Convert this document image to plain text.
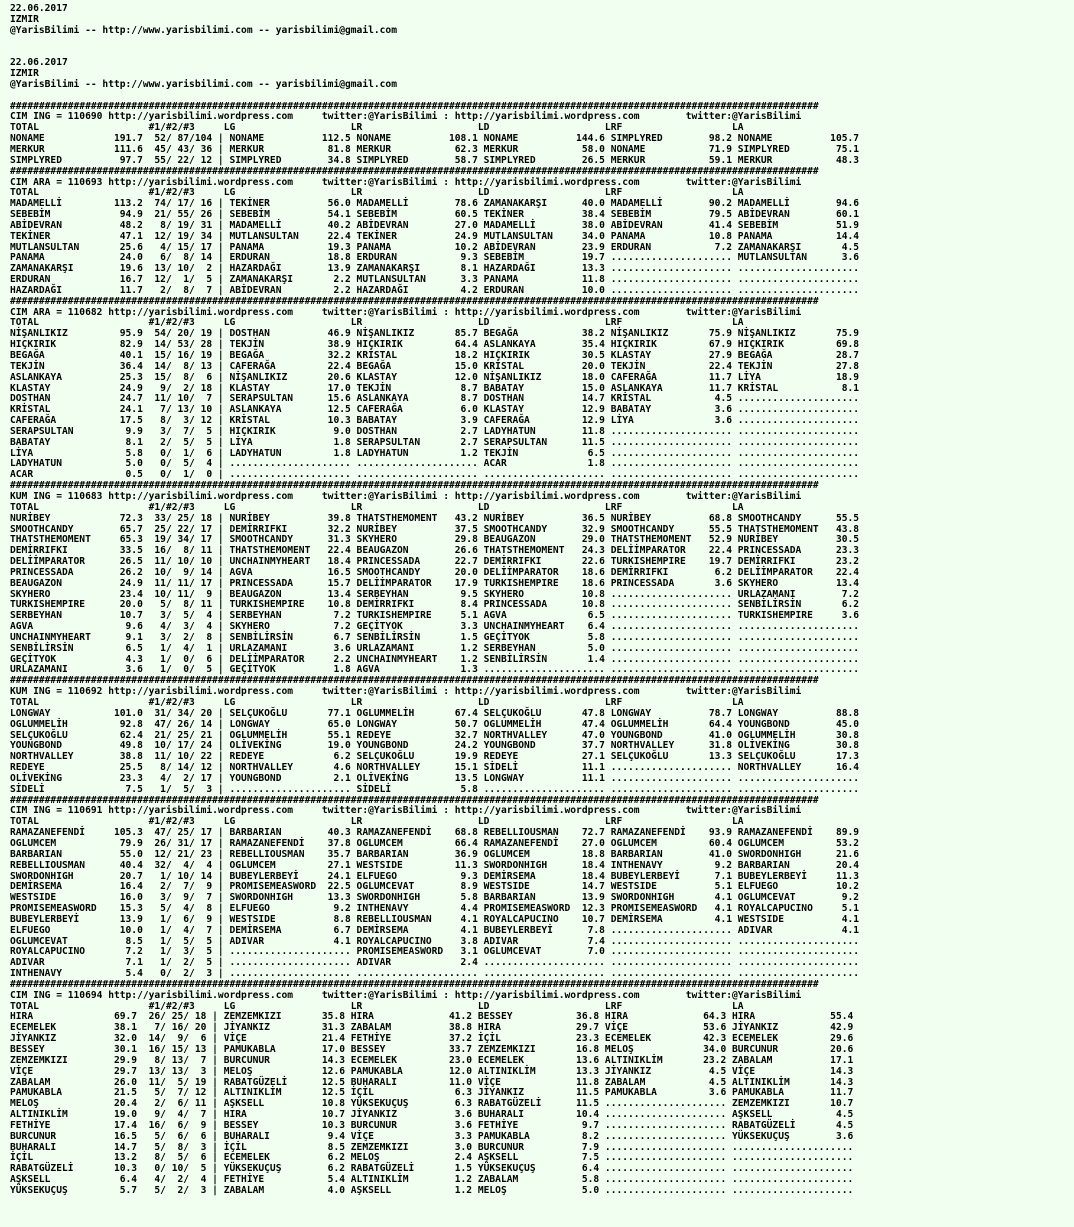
22.06.2017
IZMIR
@YarisBilimi -- http://www.yarisbilimi.com -- yarisbilimi@gmail.com
22.06.2017
IZMIR
@YarisBilimi -- http://www.yarisbilimi.com -- yarisbilimi@gmail.com
############################################################################################################################################
CIM ING = 110690 http://yarisbilimi.wordpress.com     twitter:@YarisBilimi : http://yarisbilimi.wordpress.com        twitter:@YarisBilimi
TOTAL                   #1/#2/#3     LG                    LR                    LD                    LRF                   LA
NONAME            191.7  52/ 87/104 | NONAME          112.5 NONAME          108.1 NONAME          144.6 SIMPLYRED        98.2 NONAME          105.7
MERKUR            111.6  45/ 43/ 36 | MERKUR           81.8 MERKUR           62.3 MERKUR           58.0 NONAME           71.9 SIMPLYRED        75.1
SIMPLYRED          97.7  55/ 22/ 12 | SIMPLYRED        34.8 SIMPLYRED        58.7 SIMPLYRED        26.5 MERKUR           59.1 MERKUR           48.3
############################################################################################################################################
CIM ARA = 110693 http://yarisbilimi.wordpress.com     twitter:@YarisBilimi : http://yarisbilimi.wordpress.com        twitter:@YarisBilimi
TOTAL                   #1/#2/#3     LG                    LR                    LD                    LRF                   LA
MADAMELLİ         113.2  74/ 17/ 16 | TEKİNER          56.0 MADAMELLİ        78.6 ZAMANAKARŞI      40.0 MADAMELLİ        90.2 MADAMELLİ        94.6
SEBEBİM            94.9  21/ 55/ 26 | SEBEBİM          54.1 SEBEBİM          60.5 TEKİNER          38.4 SEBEBİM          79.5 ABİDEVRAN        60.1
ABİDEVRAN          48.2   8/ 19/ 31 | MADAMELLİ        40.2 ABİDEVRAN        27.0 MADAMELLİ        38.0 ABİDEVRAN        41.4 SEBEBİM          51.9
TEKİNER            47.1  12/ 19/ 34 | MUTLANSULTAN     22.4 TEKİNER          24.9 MUTLANSULTAN     34.0 PANAMA           10.8 PANAMA           14.4
MUTLANSULTAN       25.6   4/ 15/ 17 | PANAMA           19.3 PANAMA           10.2 ABİDEVRAN        23.9 ERDURAN           7.2 ZAMANAKARŞI       4.5
PANAMA             24.0   6/  8/ 14 | ERDURAN          18.8 ERDURAN           9.3 SEBEBİM          19.7 ..................... MUTLANSULTAN      3.6
ZAMANAKARŞI        19.6  13/ 10/  2 | HAZARDAĞI        13.9 ZAMANAKARŞI       8.1 HAZARDAĞI        13.3 ..................... .....................
ERDURAN            16.7  12/  1/  5 | ZAMANAKARŞI       2.2 MUTLANSULTAN      3.3 PANAMA           11.8 ..................... .....................
HAZARDAĞI          11.7   2/  8/  7 | ABİDEVRAN         2.2 HAZARDAĞI         4.2 ERDURAN          10.0 ..................... .....................
############################################################################################################################################
CIM ARA = 110682 http://yarisbilimi.wordpress.com     twitter:@YarisBilimi : http://yarisbilimi.wordpress.com        twitter:@YarisBilimi
TOTAL                   #1/#2/#3     LG                    LR                    LD                    LRF                   LA
NİŞANLIKIZ         95.9  54/ 20/ 19 | DOSTHAN          46.9 NİŞANLIKIZ       85.7 BEGAĞA           38.2 NİŞANLIKIZ       75.9 NİŞANLIKIZ       75.9
HIÇKIRIK           82.9  14/ 53/ 28 | TEKJİN           38.9 HIÇKIRIK         64.4 ASLANKAYA        35.4 HIÇKIRIK         67.9 HIÇKIRIK         69.8
BEGAĞA             40.1  15/ 16/ 19 | BEGAĞA           32.2 KRİSTAL          18.2 HIÇKIRIK         30.5 KLASTAY          27.9 BEGAĞA           28.7
TEKJİN             36.4  14/  8/ 13 | CAFERAĞA         22.4 BEGAĞA           15.0 KRİSTAL          20.0 TEKJİN           22.4 TEKJİN           27.8
ASLANKAYA          25.3  15/  8/  6 | NİŞANLIKIZ       20.6 KLASTAY          12.0 NİŞANLIKIZ       18.0 CAFERAĞA         11.7 LİYA             18.9
KLASTAY            24.9   9/  2/ 18 | KLASTAY          17.0 TEKJİN            8.7 BABATAY          15.0 ASLANKAYA        11.7 KRİSTAL           8.1
DOSTHAN            24.7  11/ 10/  7 | SERAPSULTAN      15.6 ASLANKAYA         8.7 DOSTHAN          14.7 KRİSTAL           4.5 .....................
KRİSTAL            24.1   7/ 13/ 10 | ASLANKAYA        12.5 CAFERAĞA          6.0 KLASTAY          12.9 BABATAY           3.6 .....................
CAFERAĞA           17.5   8/  3/ 12 | KRİSTAL          10.3 BABATAY           3.9 CAFERAĞA         12.9 LİYA              3.6 .....................
SERAPSULTAN         9.9   3/  7/  5 | HIÇKIRIK          9.0 DOSTHAN           2.7 LADYHATUN        11.8 ..................... .....................
BABATAY             8.1   2/  5/  5 | LİYA              1.8 SERAPSULTAN       2.7 SERAPSULTAN      11.5 ..................... .....................
LİYA                5.8   0/  1/  6 | LADYHATUN         1.8 LADYHATUN         1.2 TEKJİN            6.5 ..................... .....................
LADYHATUN           5.0   0/  5/  4 | ..................... ..................... ACAR              1.8 ..................... .....................
ACAR                0.5   0/  1/  0 | ..................... ..................... ..................... ..................... .....................
############################################################################################################################################
KUM ING = 110683 http://yarisbilimi.wordpress.com     twitter:@YarisBilimi : http://yarisbilimi.wordpress.com        twitter:@YarisBilimi
TOTAL                   #1/#2/#3     LG                    LR                    LD                    LRF                   LA
NURİBEY            72.3  33/ 25/ 18 | NURİBEY          39.8 THATSTHEMOMENT   43.2 NURİBEY          36.5 NURİBEY          68.8 SMOOTHCANDY      55.5
SMOOTHCANDY        65.7  25/ 22/ 17 | DEMİRRIFKI       32.2 NURİBEY          37.5 SMOOTHCANDY      32.9 SMOOTHCANDY      55.5 THATSTHEMOMENT   43.8
THATSTHEMOMENT     65.3  19/ 34/ 17 | SMOOTHCANDY      31.3 SKYHERO          29.8 BEAUGAZON        29.0 THATSTHEMOMENT   52.9 NURİBEY          30.5
DEMİRRIFKI         33.5  16/  8/ 11 | THATSTHEMOMENT   22.4 BEAUGAZON        26.6 THATSTHEMOMENT   24.3 DELİİMPARATOR    22.4 PRINCESSADA      23.3
DELİİMPARATOR      26.5  11/ 10/ 10 | UNCHAINMYHEART   18.4 PRINCESSADA      22.7 DEMİRRIFKI       22.6 TURKISHEMPIRE    19.7 DEMİRRIFKI       23.2
PRINCESSADA        26.2  10/  9/ 14 | AGVA             16.5 SMOOTHCANDY      20.0 DELİİMPARATOR    18.6 DEMİRRIFKI        6.2 DELİİMPARATOR    22.4
BEAUGAZON          24.9  11/ 11/ 17 | PRINCESSADA      15.7 DELİİMPARATOR    17.9 TURKISHEMPIRE    18.6 PRINCESSADA       3.6 SKYHERO          13.4
SKYHERO            23.4  10/ 11/  9 | BEAUGAZON        13.4 SERBEYHAN         9.5 SKYHERO          10.8 ..................... URLAZAMANI        7.2
TURKISHEMPIRE      20.0   5/  8/ 11 | TURKISHEMPIRE    10.8 DEMİRRIFKI        8.4 PRINCESSADA      10.8 ..................... SENBİLİRSİN       6.2
SERBEYHAN          10.7   3/  5/  4 | SERBEYHAN         7.2 TURKISHEMPIRE     5.1 AGVA              6.5 ..................... TURKISHEMPIRE     3.6
AGVA                9.6   4/  3/  4 | SKYHERO           7.2 GEÇİTYOK          3.3 UNCHAINMYHEART    6.4 ..................... .....................
UNCHAINMYHEART      9.1   3/  2/  8 | SENBİLİRSİN       6.7 SENBİLİRSİN       1.5 GEÇİTYOK          5.8 ..................... .....................
SENBİLİRSİN         6.5   1/  4/  1 | URLAZAMANI        3.6 URLAZAMANI        1.2 SERBEYHAN         5.0 ..................... .....................
GEÇİTYOK            4.3   1/  0/  6 | DELİİMPARATOR     2.2 UNCHAINMYHEART    1.2 SENBİLİRSİN       1.4 ..................... .....................
URLAZAMANI          3.6   1/  0/  5 | GEÇİTYOK          1.8 AGVA              1.3 ..................... ..................... .....................
############################################################################################################################################
KUM ING = 110692 http://yarisbilimi.wordpress.com     twitter:@YarisBilimi : http://yarisbilimi.wordpress.com        twitter:@YarisBilimi
TOTAL                   #1/#2/#3     LG                    LR                    LD                    LRF                   LA
LONGWAY           101.0  31/ 34/ 20 | SELÇUKOĞLU       77.1 OGLUMMELİH       67.4 SELÇUKOĞLU       47.8 LONGWAY          78.7 LONGWAY          88.8
OGLUMMELİH         92.8  47/ 26/ 14 | LONGWAY          65.0 LONGWAY          50.7 OGLUMMELİH       47.4 OGLUMMELİH       64.4 YOUNGBOND        45.0
SELÇUKOĞLU         62.4  21/ 25/ 21 | OGLUMMELİH       55.1 REDEYE           32.7 NORTHVALLEY      47.0 YOUNGBOND        41.0 OGLUMMELİH       30.8
YOUNGBOND          49.8  10/ 17/ 24 | OLİVEKİNG        19.0 YOUNGBOND        24.2 YOUNGBOND        37.7 NORTHVALLEY      31.8 OLİVEKİNG        30.8
NORTHVALLEY        38.8  11/ 10/ 22 | REDEYE            6.2 SELÇUKOĞLU       19.9 REDEYE           27.1 SELÇUKOĞLU       13.3 SELÇUKOĞLU       17.3
REDEYE             25.5   8/ 14/ 12 | NORTHVALLEY       4.6 NORTHVALLEY      15.1 SİDELİ           11.1 ..................... NORTHVALLEY      16.4
OLİVEKİNG          23.3   4/  2/ 17 | YOUNGBOND         2.1 OLİVEKİNG        13.5 LONGWAY          11.1 ..................... .....................
SİDELİ              7.5   1/  5/  3 | ..................... SİDELİ            5.8 ..................... ..................... .....................
############################################################################################################################################
CIM ING = 110691 http://yarisbilimi.wordpress.com     twitter:@YarisBilimi : http://yarisbilimi.wordpress.com        twitter:@YarisBilimi
TOTAL                   #1/#2/#3     LG                    LR                    LD                    LRF                   LA
RAMAZANEFENDİ     105.3  47/ 25/ 17 | BARBARIAN        40.3 RAMAZANEFENDİ    68.8 REBELLIOUSMAN    72.7 RAMAZANEFENDİ    93.9 RAMAZANEFENDİ    89.9
OGLUMCEM           79.9  26/ 31/ 17 | RAMAZANEFENDİ    37.8 OGLUMCEM         66.4 RAMAZANEFENDİ    27.0 OGLUMCEM         60.4 OGLUMCEM         53.2
BARBARIAN          55.0  12/ 21/ 23 | REBELLIOUSMAN    35.7 BARBARIAN        36.9 OGLUMCEM         18.8 BARBARIAN        41.0 SWORDONHIGH      21.6
REBELLIOUSMAN      40.4  32/  4/  4 | OGLUMCEM         27.1 WESTSIDE         11.3 SWORDONHIGH      18.4 INTHENAVY         9.2 BARBARIAN        20.4
SWORDONHIGH        20.7   1/ 10/ 14 | BUBEYLERBEYİ     24.1 ELFUEGO           9.3 DEMİRSEMA        18.4 BUBEYLERBEYİ      7.1 BUBEYLERBEYİ     11.3
DEMİRSEMA          16.4   2/  7/  9 | PROMISEMEASWORD  22.5 OGLUMCEVAT        8.9 WESTSIDE         14.7 WESTSIDE          5.1 ELFUEGO          10.2
WESTSIDE           16.0   3/  9/  7 | SWORDONHIGH      13.3 SWORDONHIGH       5.8 BARBARIAN        13.9 SWORDONHIGH       4.1 OGLUMCEVAT        9.2
PROMISEMEASWORD    15.3   5/  4/  8 | ELFUEGO           9.2 INTHENAVY         4.4 PROMISEMEASWORD  12.3 PROMISEMEASWORD   4.1 ROYALCAPUCINO     5.1
BUBEYLERBEYİ       13.9   1/  6/  9 | WESTSIDE          8.8 REBELLIOUSMAN     4.1 ROYALCAPUCINO    10.7 DEMİRSEMA         4.1 WESTSIDE          4.1
ELFUEGO            10.0   1/  4/  7 | DEMİRSEMA         6.7 DEMİRSEMA         4.1 BUBEYLERBEYİ      7.8 ..................... ADIVAR            4.1
OGLUMCEVAT          8.5   1/  5/  5 | ADIVAR            4.1 ROYALCAPUCINO     3.8 ADIVAR            7.4 ..................... .....................
ROYALCAPUCINO       7.2   1/  3/  5 | ..................... PROMISEMEASWORD   3.1 OGLUMCEVAT        7.0 ..................... .....................
ADIVAR              7.1   1/  2/  5 | ..................... ADIVAR            2.4 ..................... ..................... .....................
INTHENAVY           5.4   0/  2/  3 | ..................... ..................... ..................... ..................... .....................
############################################################################################################################################
CIM ING = 110694 http://yarisbilimi.wordpress.com     twitter:@YarisBilimi : http://yarisbilimi.wordpress.com        twitter:@YarisBilimi
TOTAL                   #1/#2/#3     LG                    LR                    LD                    LRF                   LA
HIRA              69.7  26/ 25/ 18 | ZEMZEMKIZI       35.8 HIRA             41.2 BESSEY           36.8 HIRA             64.3 HIRA             55.4
ECEMELEK          38.1   7/ 16/ 20 | JİYANKIZ         31.3 ZABALAM          38.8 HIRA             29.7 VİÇE             53.6 JİYANKIZ         42.9
JİYANKIZ          32.0  14/  9/  6 | VİÇE             21.4 FETHİYE          37.2 İÇİL             23.3 ECEMELEK         42.3 ECEMELEK         29.6
BESSEY            30.1  16/ 15/ 13 | PAMUKABLA        17.0 BESSEY           33.7 ZEMZEMKIZI       16.8 MELOŞ            34.0 BURCUNUR         20.6
ZEMZEMKIZI        29.9   8/ 13/  7 | BURCUNUR         14.3 ECEMELEK         23.0 ECEMELEK         13.6 ALTINIKLİM       23.2 ZABALAM          17.1
VİÇE              29.7  13/ 13/  3 | MELOŞ            12.6 PAMUKABLA        12.0 ALTINIKLİM       13.3 JİYANKIZ          4.5 VİÇE             14.3
ZABALAM           26.0  11/  5/ 19 | RABATGÜZELİ      12.5 BUHARALI         11.0 VİÇE             11.8 ZABALAM           4.5 ALTINIKLİM       14.3
PAMUKABLA         21.5   5/  7/ 12 | ALTINIKLİM       12.5 İÇİL              6.3 JİYANKIZ         11.5 PAMUKABLA         3.6 PAMUKABLA        11.7
MELOŞ             20.4   2/  6/ 11 | AŞKSELL          10.8 YÜKSEKUÇUŞ        6.3 RABATGÜZELİ      11.5 ..................... ZEMZEMKIZI       10.7
ALTINIKLİM        19.0   9/  4/  7 | HIRA             10.7 JİYANKIZ          3.6 BUHARALI         10.4 ..................... AŞKSELL           4.5
FETHİYE           17.4  16/  6/  9 | BESSEY           10.3 BURCUNUR          3.6 FETHİYE           9.7 ..................... RABATGÜZELİ       4.5
BURCUNUR          16.5   5/  6/  6 | BUHARALI          9.4 VİÇE              3.3 PAMUKABLA         8.2 ..................... YÜKSEKUÇUŞ        3.6
BUHARALI          14.7   5/  8/  3 | İÇİL              8.5 ZEMZEMKIZI        3.0 BURCUNUR          7.9 ..................... .....................
İÇİL              13.2   8/  5/  6 | ECEMELEK          6.2 MELOŞ             2.4 AŞKSELL           7.5 ..................... .....................
RABATGÜZELİ       10.3   0/ 10/  5 | YÜKSEKUÇUŞ        6.2 RABATGÜZELİ       1.5 YÜKSEKUÇUŞ        6.4 ..................... .....................
AŞKSELL            6.4   4/  2/  4 | FETHİYE           5.4 ALTINIKLİM        1.2 ZABALAM           5.8 ..................... .....................
YÜKSEKUÇUŞ         5.7   5/  2/  3 | ZABALAM           4.0 AŞKSELL           1.2 MELOŞ             5.0 ..................... .....................
